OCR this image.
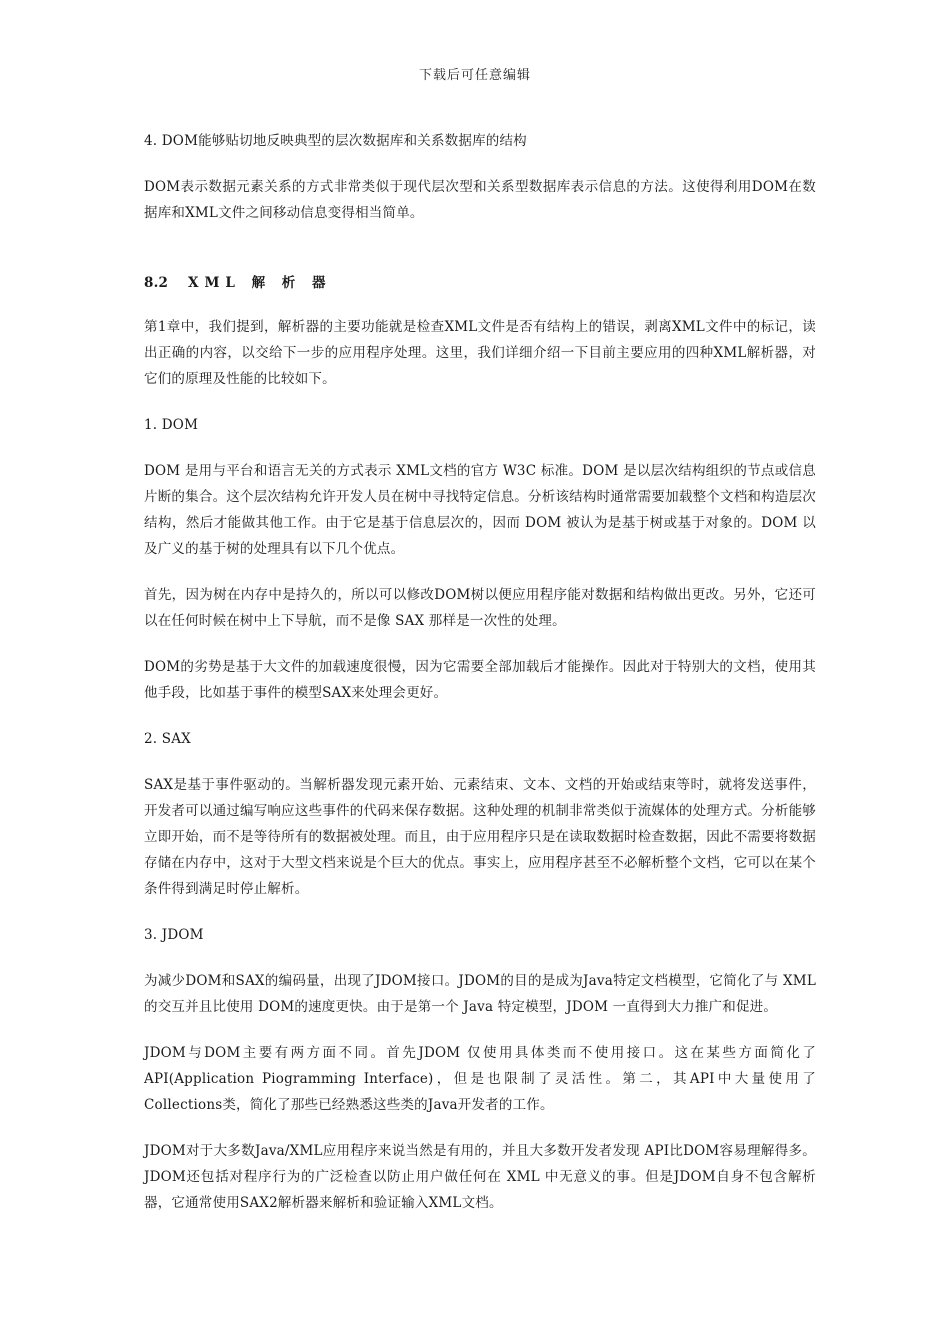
下载后可任意编辑

4. DOM能够贴切地反映典型的层次数据库和关系数据库的结构

DOM表示数据元素关系的方式非常类似于现代层次型和关系型数据库表示信息的方法。这使得利用DOM在数据库和XML文件之间移动信息变得相当简单。

8.2 XML 解 析 器

第1章中，我们提到，解析器的主要功能就是检查XML文件是否有结构上的错误，剥离XML文件中的标记，读出正确的内容，以交给下一步的应用程序处理。这里，我们详细介绍一下目前主要应用的四种XML解析器，对它们的原理及性能的比较如下。

1. DOM

DOM 是用与平台和语言无关的方式表示 XML文档的官方 W3C 标准。DOM 是以层次结构组织的节点或信息片断的集合。这个层次结构允许开发人员在树中寻找特定信息。分析该结构时通常需要加载整个文档和构造层次结构，然后才能做其他工作。由于它是基于信息层次的，因而 DOM 被认为是基于树或基于对象的。DOM 以及广义的基于树的处理具有以下几个优点。

首先，因为树在内存中是持久的，所以可以修改DOM树以便应用程序能对数据和结构做出更改。另外，它还可以在任何时候在树中上下导航，而不是像 SAX 那样是一次性的处理。

DOM的劣势是基于大文件的加载速度很慢，因为它需要全部加载后才能操作。因此对于特别大的文档，使用其他手段，比如基于事件的模型SAX来处理会更好。

2. SAX

SAX是基于事件驱动的。当解析器发现元素开始、元素结束、文本、文档的开始或结束等时，就将发送事件，开发者可以通过编写响应这些事件的代码来保存数据。这种处理的机制非常类似于流媒体的处理方式。分析能够立即开始，而不是等待所有的数据被处理。而且，由于应用程序只是在读取数据时检查数据，因此不需要将数据存储在内存中，这对于大型文档来说是个巨大的优点。事实上，应用程序甚至不必解析整个文档，它可以在某个条件得到满足时停止解析。

3. JDOM

为减少DOM和SAX的编码量，出现了JDOM接口。JDOM的目的是成为Java特定文档模型，它简化了与 XML的交互并且比使用 DOM的速度更快。由于是第一个 Java 特定模型，JDOM 一直得到大力推广和促进。

JDOM与DOM主要有两方面不同。首先JDOM 仅使用具体类而不使用接口。这在某些方面简化了API(Application Piogramming Interface)，但是也限制了灵活性。第二，其API中大量使用了Collections类，简化了那些已经熟悉这些类的Java开发者的工作。

JDOM对于大多数Java/XML应用程序来说当然是有用的，并且大多数开发者发现 API比DOM容易理解得多。JDOM还包括对程序行为的广泛检查以防止用户做任何在 XML 中无意义的事。但是JDOM自身不包含解析器，它通常使用SAX2解析器来解析和验证输入XML文档。
